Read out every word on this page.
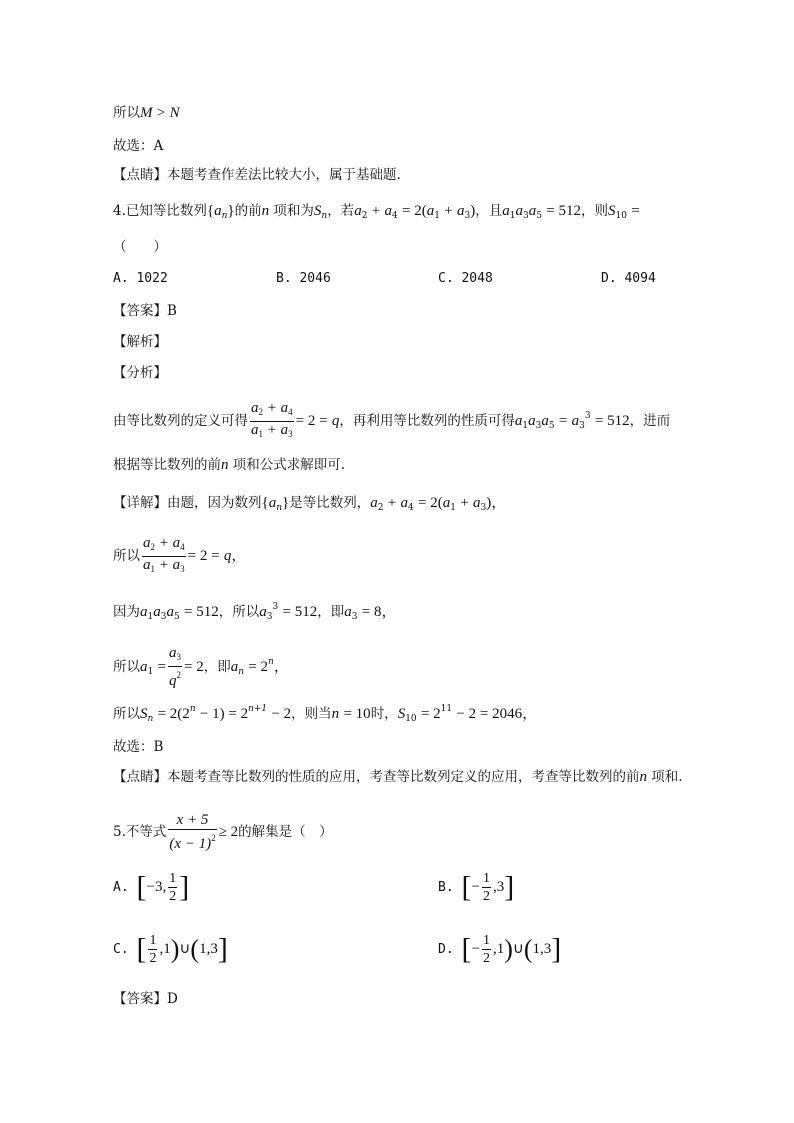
所以M > N
故选：A
【点睛】本题考查作差法比较大小，属于基础题.
4.已知等比数列$\{a_n\}$的前n 项和为$S_n$，若$a_2 + a_4 = 2(a_1 + a_3)$，且$a_1a_3a_5 = 512$，则$S_{10}$ =
（　　）
A. 1022	B. 2046	C. 2048	D. 4094
【答案】B
【解析】
【分析】
由等比数列的定义可得 $\frac{a_2 + a_4}{a_1 + a_3} = 2 = q$，再利用等比数列的性质可得$a_1a_3a_5 = a_3^3 = 512$，进而
根据等比数列的前n 项和公式求解即可.
【详解】由题，因为数列$\{a_n\}$是等比数列，$a_2 + a_4 = 2(a_1 + a_3)$，
所以 $\frac{a_2 + a_4}{a_1 + a_3} = 2 = q$，
因为$a_1a_3a_5 = 512$，所以$a_3^3 = 512$，即$a_3 = 8$，
所以$a_1 = \frac{a_3}{q^2} = 2$，即$a_n = 2^n$，
所以$S_n = 2(2^n - 1) = 2^{n+1} - 2$，则当n = 10时，$S_{10} = 2^{11} - 2 = 2046$，
故选：B
【点睛】本题考查等比数列的性质的应用，考查等比数列定义的应用，考查等比数列的前n 项和.
5.不等式 $\frac{x + 5}{(x - 1)^2} \ge 2$的解集是（　）
A. [−3, $\frac{1}{2}$ ]	B. [− $\frac{1}{2} ,3$]
C. [ $\frac{1}{2}$ ,1)∪(1,3]	D. [− $\frac{1}{2}$ ,1)∪(1,3]
【答案】D
